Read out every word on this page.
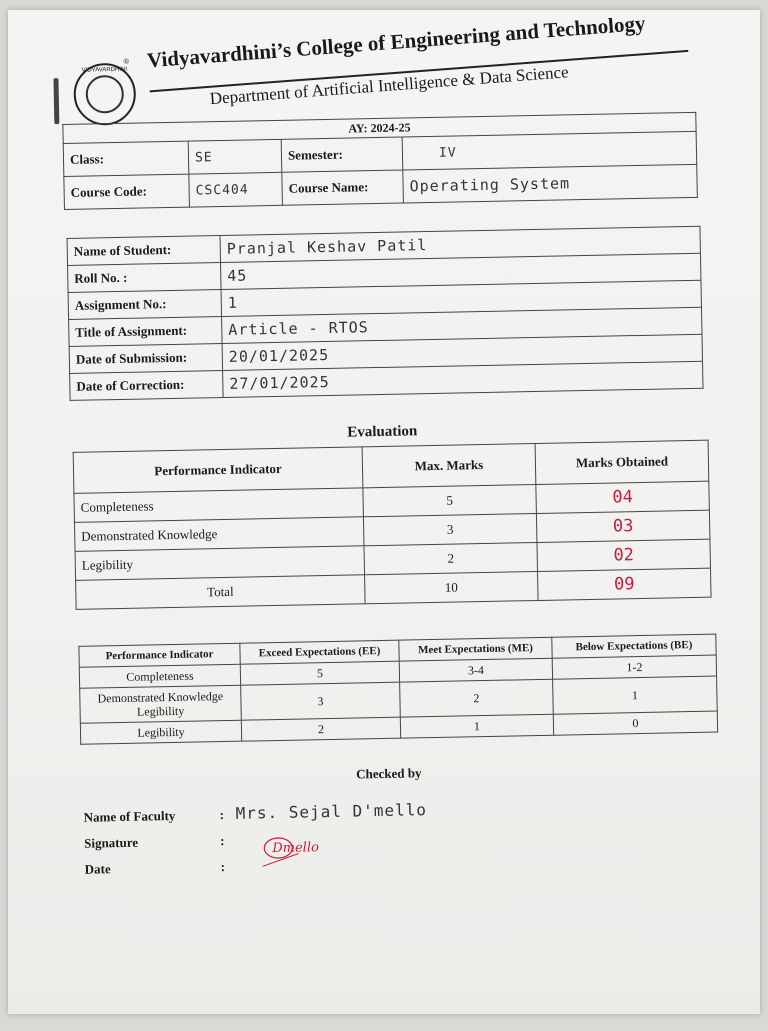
VIDYAVARDHINI
® Vidyavardhini’s College of Engineering and Technology
Department of Artificial Intelligence & Data Science
AY: 2024-25			
Class:	SE	Semester:	IV
Course Code:	CSC404	Course Name:	Operating System
Name of Student:	Pranjal Keshav Patil
Roll No. :	45
Assignment No.:	1
Title of Assignment:	Article - RTOS
Date of Submission:	20/01/2025
Date of Correction:	27/01/2025
Evaluation
Performance Indicator	Max. Marks	Marks Obtained
Completeness	5	04
Demonstrated Knowledge	3	03
Legibility	2	02
Total	10	09
Performance Indicator	Exceed Expectations (EE)	Meet Expectations (ME)	Below Expectations (BE)
Completeness	5	3-4	1-2
Demonstrated Knowledge Legibility	3	2	1
Legibility	2	1	0
Checked by
Name of Faculty	: Mrs. Sejal D'mello
Signature	:	Dmello
Date	:
